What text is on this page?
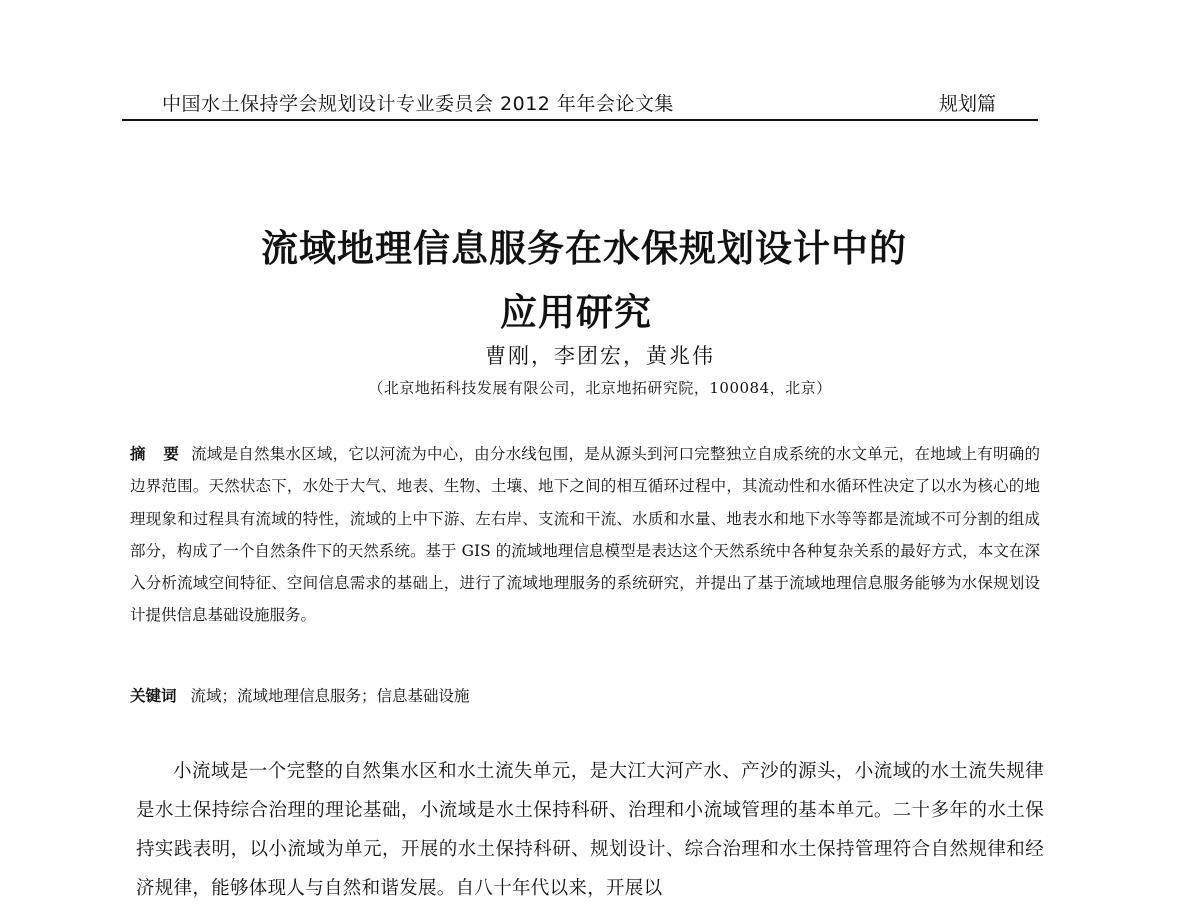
中国水土保持学会规划设计专业委员会 2012 年年会论文集	规划篇
流域地理信息服务在水保规划设计中的
应用研究
曹刚，李团宏，黄兆伟
（北京地拓科技发展有限公司，北京地拓研究院，100084，北京）
摘 要 流域是自然集水区域，它以河流为中心，由分水线包围，是从源头到河口完整独立自成系统的水文单元，在地域上有明确的边界范围。天然状态下，水处于大气、地表、生物、土壤、地下之间的相互循环过程中，其流动性和水循环性决定了以水为核心的地理现象和过程具有流域的特性，流域的上中下游、左右岸、支流和干流、水质和水量、地表水和地下水等等都是流域不可分割的组成部分，构成了一个自然条件下的天然系统。基于 GIS 的流域地理信息模型是表达这个天然系统中各种复杂关系的最好方式，本文在深入分析流域空间特征、空间信息需求的基础上，进行了流域地理服务的系统研究，并提出了基于流域地理信息服务能够为水保规划设计提供信息基础设施服务。
关键词 流域；流域地理信息服务；信息基础设施
小流域是一个完整的自然集水区和水土流失单元，是大江大河产水、产沙的源头，小流域的水土流失规律是水土保持综合治理的理论基础，小流域是水土保持科研、治理和小流域管理的基本单元。二十多年的水土保持实践表明，以小流域为单元，开展的水土保持科研、规划设计、综合治理和水土保持管理符合自然规律和经济规律，能够体现人与自然和谐发展。自八十年代以来，开展以
